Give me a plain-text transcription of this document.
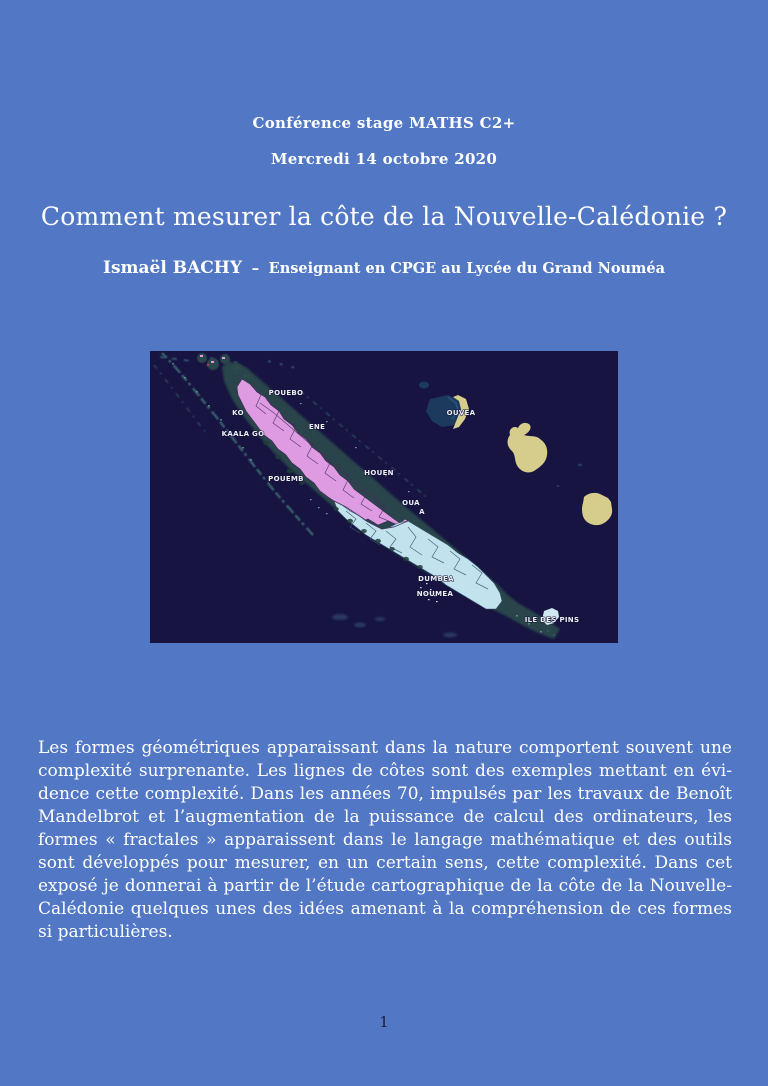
Conférence stage MATHS C2+
Mercredi 14 octobre 2020
Comment mesurer la côte de la Nouvelle-Calédonie ?
Ismaël BACHY – Enseignant en CPGE au Lycée du Grand Nouméa
POUEBO
KO
KAALA GO
ENE
POUEMB
HOUEN
OUA
A
OUVEA
DUMBEA
NOUMEA
ILE DES PINS
Les formes géométriques apparaissant dans la nature comportent souvent une
complexité surprenante. Les lignes de côtes sont des exemples mettant en évi-
dence cette complexité. Dans les années 70, impulsés par les travaux de Benoît
Mandelbrot et l’augmentation de la puissance de calcul des ordinateurs, les
formes « fractales » apparaissent dans le langage mathématique et des outils
sont développés pour mesurer, en un certain sens, cette complexité. Dans cet
exposé je donnerai à partir de l’étude cartographique de la côte de la Nouvelle-
Calédonie quelques unes des idées amenant à la compréhension de ces formes
si particulières.
1
